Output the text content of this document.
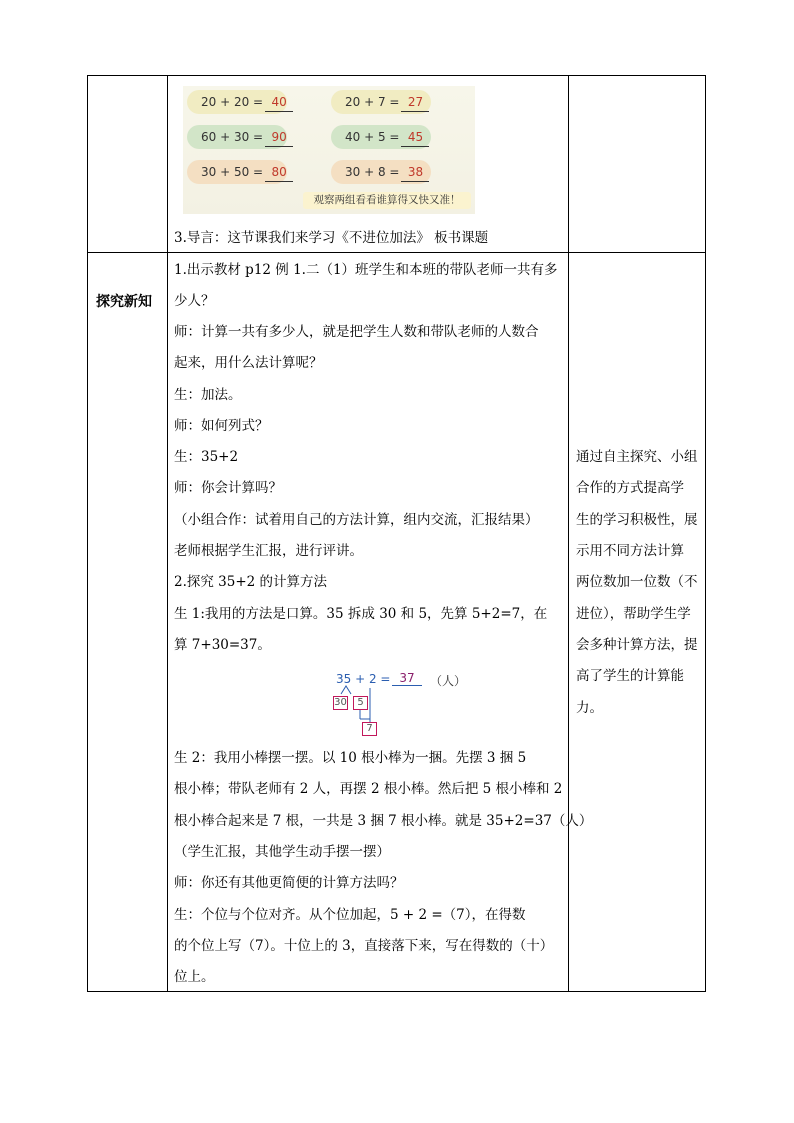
20 + 20 = 40	20 + 7 = 27
60 + 30 = 90	40 + 5 = 45
30 + 50 = 80	30 + 8 = 38
观察两组看看谁算得又快又准！
3.导言：这节课我们来学习《不进位加法》 板书课题
探究新知
1.出示教材 p12 例 1.二（1）班学生和本班的带队老师一共有多
少人？
师：计算一共有多少人，就是把学生人数和带队老师的人数合
起来，用什么法计算呢？
生：加法。
师：如何列式？
生：35+2
师：你会计算吗？
（小组合作：试着用自己的方法计算，组内交流，汇报结果）
老师根据学生汇报，进行评讲。
2.探究 35+2 的计算方法
生 1:我用的方法是口算。35 拆成 30 和 5，先算 5+2=7，在
算 7+30=37。
35 + 2 = 37	（人）
30	5
7
生 2：我用小棒摆一摆。以 10 根小棒为一捆。先摆 3 捆 5
根小棒；带队老师有 2 人，再摆 2 根小棒。然后把 5 根小棒和 2
根小棒合起来是 7 根，一共是 3 捆 7 根小棒。就是 35+2=37（人）
（学生汇报，其他学生动手摆一摆）
师：你还有其他更简便的计算方法吗？
生：个位与个位对齐。从个位加起，5 + 2 =（7），在得数
的个位上写（7）。十位上的 3，直接落下来，写在得数的（十）
位上。
通过自主探究、小组
合作的方式提高学
生的学习积极性，展
示用不同方法计算
两位数加一位数（不
进位），帮助学生学
会多种计算方法，提
高了学生的计算能
力。
